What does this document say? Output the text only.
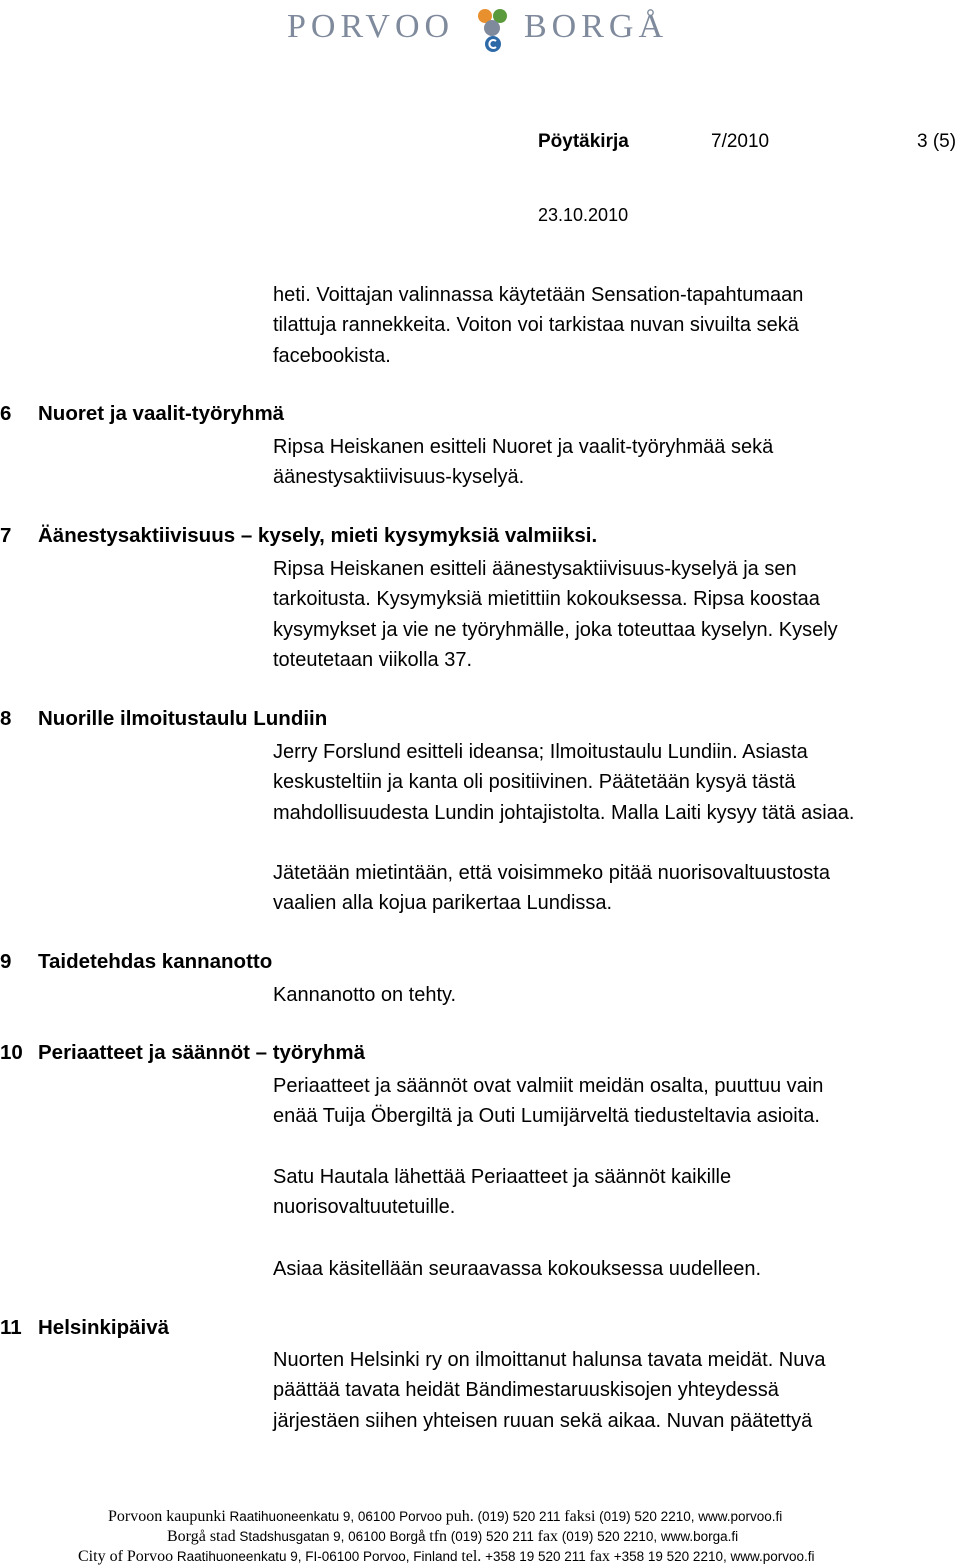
PORVOO BORGÅ
Pöytäkirja	7/2010	3 (5)
23.10.2010
heti. Voittajan valinnassa käytetään Sensation-tapahtumaan
tilattuja rannekkeita. Voiton voi tarkistaa nuvan sivuilta sekä
facebookista.
6 Nuoret ja vaalit-työryhmä
Ripsa Heiskanen esitteli Nuoret ja vaalit-työryhmää sekä
äänestysaktiivisuus-kyselyä.
7 Äänestysaktiivisuus – kysely, mieti kysymyksiä valmiiksi.
Ripsa Heiskanen esitteli äänestysaktiivisuus-kyselyä ja sen
tarkoitusta. Kysymyksiä mietittiin kokouksessa. Ripsa koostaa
kysymykset ja vie ne työryhmälle, joka toteuttaa kyselyn. Kysely
toteutetaan viikolla 37.
8 Nuorille ilmoitustaulu Lundiin
Jerry Forslund esitteli ideansa; Ilmoitustaulu Lundiin. Asiasta
keskusteltiin ja kanta oli positiivinen. Päätetään kysyä tästä
mahdollisuudesta Lundin johtajistolta. Malla Laiti kysyy tätä asiaa.
Jätetään mietintään, että voisimmeko pitää nuorisovaltuustosta
vaalien alla kojua parikertaa Lundissa.
9 Taidetehdas kannanotto
Kannanotto on tehty.
10 Periaatteet ja säännöt – työryhmä
Periaatteet ja säännöt ovat valmiit meidän osalta, puuttuu vain
enää Tuija Öbergiltä ja Outi Lumijärveltä tiedusteltavia asioita.
Satu Hautala lähettää Periaatteet ja säännöt kaikille
nuorisovaltuutetuille.
Asiaa käsitellään seuraavassa kokouksessa uudelleen.
11 Helsinkipäivä
Nuorten Helsinki ry on ilmoittanut halunsa tavata meidät. Nuva
päättää tavata heidät Bändimestaruuskisojen yhteydessä
järjestäen siihen yhteisen ruuan sekä aikaa. Nuvan päätettyä
Porvoon kaupunki Raatihuoneenkatu 9, 06100 Porvoo puh. (019) 520 211 faksi (019) 520 2210, www.porvoo.fi
Borgå stad Stadshusgatan 9, 06100 Borgå tfn (019) 520 211 fax (019) 520 2210, www.borga.fi
City of Porvoo Raatihuoneenkatu 9, FI-06100 Porvoo, Finland tel. +358 19 520 211 fax +358 19 520 2210, www.porvoo.fi
